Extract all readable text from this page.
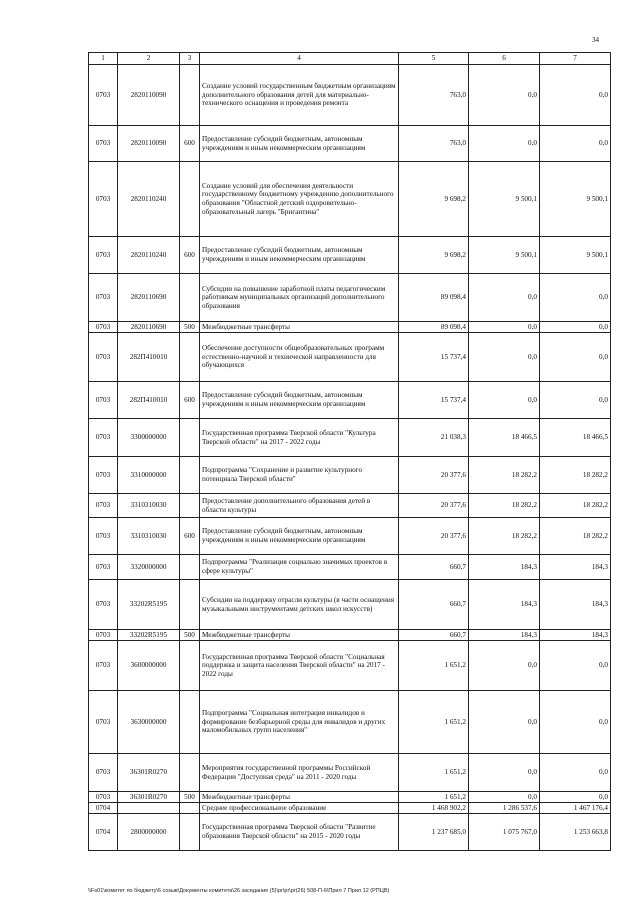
34
1	2	3	4	5	6	7
0703	2820110090		Создание условий государственным бюджетным организациям дополнительного образования детей для материально-технического оснащения и проведения ремонта	763,0	0,0	0,0
0703	2820110090	600	Предоставление субсидий бюджетным, автономным учреждениям и иным некоммерческим организациям	763,0	0,0	0,0
0703	2820110240		Создание условий для обеспечения деятельности государственному бюджетному учреждению дополнительного образования "Областной детский оздоровительно-образовательный лагерь "Бригантина"	9 698,2	9 500,1	9 500,1
0703	2820110240	600	Предоставление субсидий бюджетным, автономным учреждениям и иным некоммерческим организациям	9 698,2	9 500,1	9 500,1
0703	2820110690		Субсидии на повышение заработной платы педагогическим работникам муниципальных организаций дополнительного образования	89 098,4	0,0	0,0
0703	2820110690	500	Межбюджетные трансферты	89 098,4	0,0	0,0
0703	282П410010		Обеспечение доступности общеобразовательных программ естественно-научной и технической направленности для обучающихся	15 737,4	0,0	0,0
0703	282П410010	600	Предоставление субсидий бюджетным, автономным учреждениям и иным некоммерческим организациям	15 737,4	0,0	0,0
0703	3300000000		Государственная программа Тверской области "Культура Тверской области" на 2017 - 2022 годы	21 038,3	18 466,5	18 466,5
0703	3310000000		Подпрограмма "Сохранение и развитие культурного потенциала Тверской области"	20 377,6	18 282,2	18 282,2
0703	3310310030		Предоставление дополнительного образования детей в области культуры	20 377,6	18 282,2	18 282,2
0703	3310310030	600	Предоставление субсидий бюджетным, автономным учреждениям и иным некоммерческим организациям	20 377,6	18 282,2	18 282,2
0703	3320000000		Подпрограмма "Реализация социально значимых проектов в сфере культуры"	660,7	184,3	184,3
0703	33202R5195		Субсидии на поддержку отрасли культуры (в части оснащения музыкальными инструментами детских школ искусств)	660,7	184,3	184,3
0703	33202R5195	500	Межбюджетные трансферты	660,7	184,3	184,3
0703	3600000000		Государственная программа Тверской области "Социальная поддержка и защита населения Тверской области" на 2017 - 2022 годы	1 651,2	0,0	0,0
0703	3630000000		Подпрограмма "Социальная интеграция инвалидов и формирование безбарьерной среды для инвалидов и других маломобильных групп населения"	1 651,2	0,0	0,0
0703	36301R0270		Мероприятия государственной программы Российской Федерации "Доступная среда" на 2011 - 2020 годы	1 651,2	0,0	0,0
0703	36301R0270	500	Межбюджетные трансферты	1 651,2	0,0	0,0
0704			Среднее профессиональное образование	1 468 902,2	1 286 537,6	1 467 176,4
0704	2800000000		Государственная программа Тверской области "Развитие образования Тверской области" на 2015 - 2020 годы	1 237 685,0	1 075 767,0	1 253 663,8
\\Fs01\комитет по бюджету\6 созыв\Документы комитета\26 заседание (5)\pr\pr\pr(26) 508-П-6\Прил 7 Прил 12 (РПЦВ)
